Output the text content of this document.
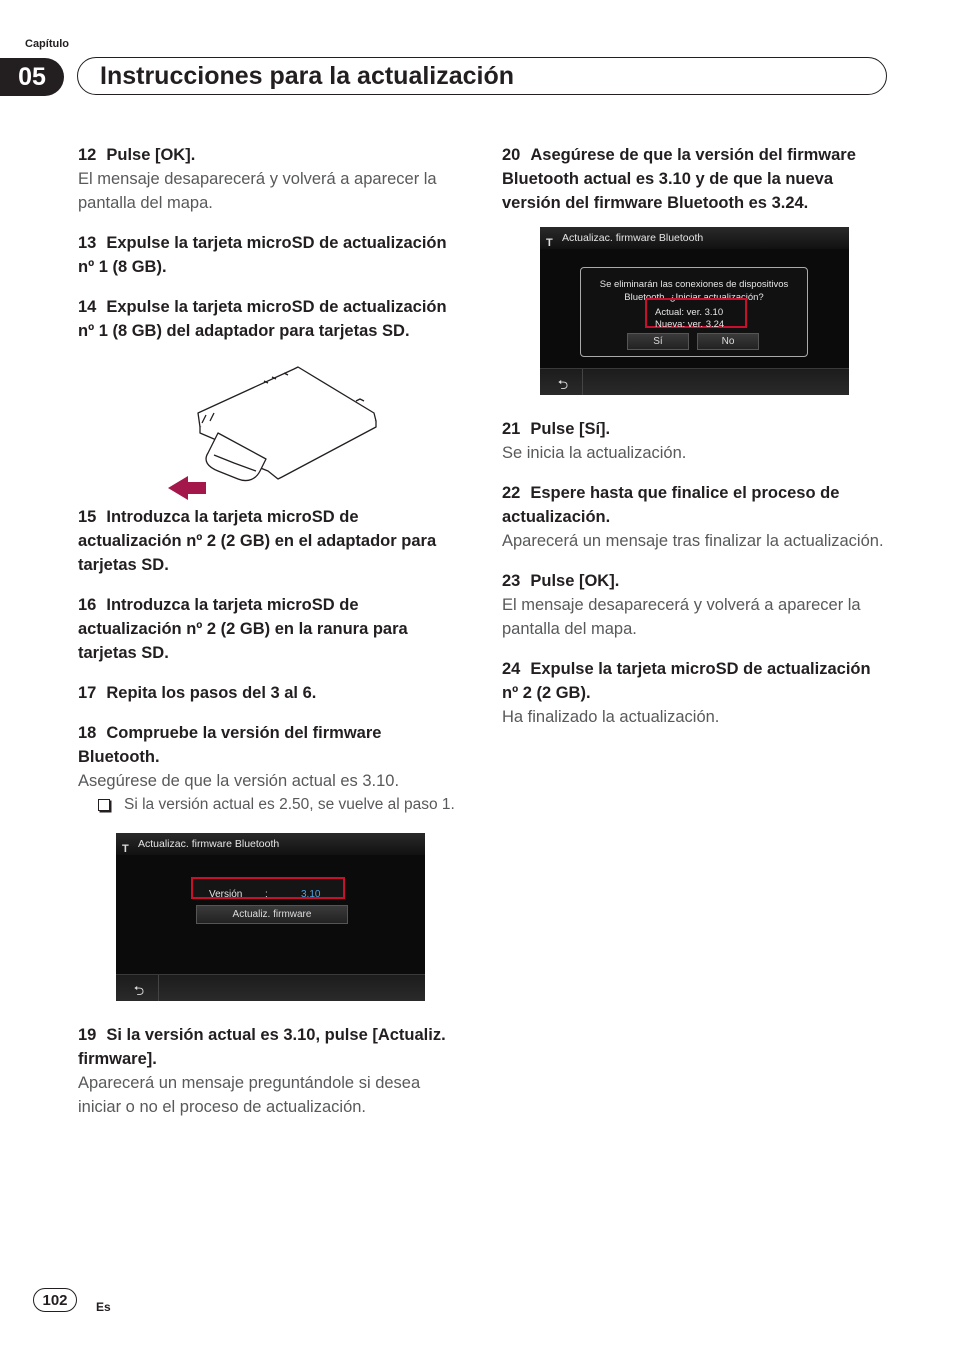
Capítulo
05	Instrucciones para la actualización

12 Pulse [OK].

El mensaje desaparecerá y volverá a aparecer la pantalla del mapa.

13 Expulse la tarjeta microSD de actualización nº 1 (8 GB).

14 Expulse la tarjeta microSD de actualización nº 1 (8 GB) del adaptador para tarjetas SD.

15 Introduzca la tarjeta microSD de actualización nº 2 (2 GB) en el adaptador para tarjetas SD.

16 Introduzca la tarjeta microSD de actualización nº 2 (2 GB) en la ranura para tarjetas SD.

17 Repita los pasos del 3 al 6.

18 Compruebe la versión del firmware Bluetooth.

Asegúrese de que la versión actual es 3.10.

Si la versión actual es 2.50, se vuelve al paso 1.
T Actualizac. firmware Bluetooth
Versión :	3.10
Actualiz. firmware
⮌

19 Si la versión actual es 3.10, pulse [Actualiz. firmware].

Aparecerá un mensaje preguntándole si desea iniciar o no el proceso de actualización.

20 Asegúrese de que la versión del firmware Bluetooth actual es 3.10 y de que la nueva versión del firmware Bluetooth es 3.24.

T Actualizac. firmware Bluetooth
Se eliminarán las conexiones de dispositivos
Bluetooth. ¿Iniciar actualización?
Actual: ver. 3.10
Nueva: ver. 3.24
Sí	No
⮌

21 Pulse [Sí].

Se inicia la actualización.

22 Espere hasta que finalice el proceso de actualización.

Aparecerá un mensaje tras finalizar la actualización.

23 Pulse [OK].

El mensaje desaparecerá y volverá a aparecer la pantalla del mapa.

24 Expulse la tarjeta microSD de actualización nº 2 (2 GB).

Ha finalizado la actualización.

102	Es
